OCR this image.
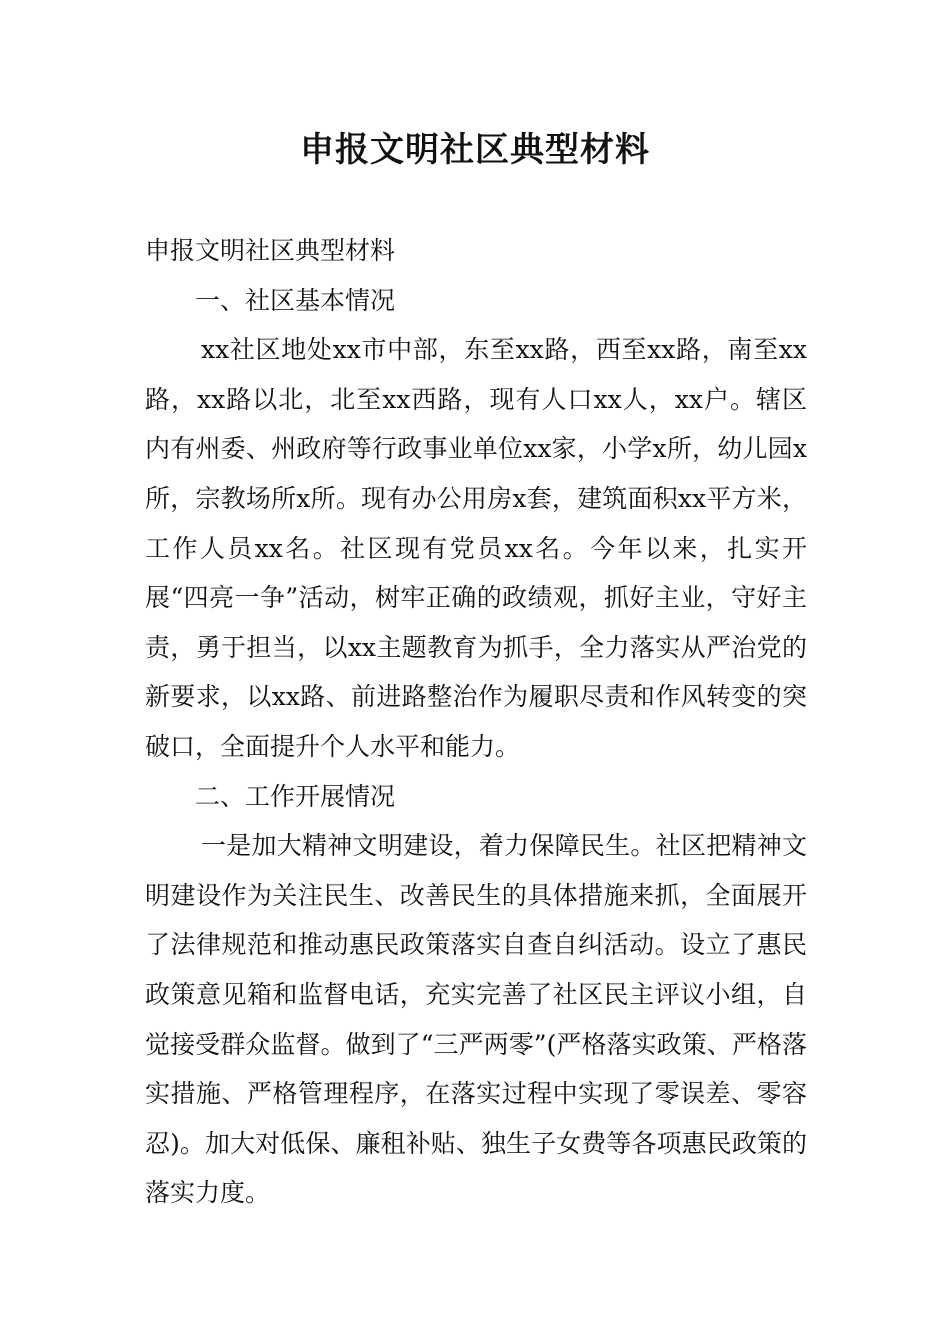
申报文明社区典型材料

申报文明社区典型材料

一、社区基本情况

xx社区地处xx市中部，东至xx路，西至xx路，南至xx路，xx路以北，北至xx西路，现有人口xx人，xx户。辖区内有州委、州政府等行政事业单位xx家，小学x所，幼儿园x所，宗教场所x所。现有办公用房x套，建筑面积xx平方米，工作人员xx名。社区现有党员xx名。今年以来，扎实开展“四亮一争”活动，树牢正确的政绩观，抓好主业，守好主责，勇于担当，以xx主题教育为抓手，全力落实从严治党的新要求，以xx路、前进路整治作为履职尽责和作风转变的突破口，全面提升个人水平和能力。

二、工作开展情况

一是加大精神文明建设，着力保障民生。社区把精神文明建设作为关注民生、改善民生的具体措施来抓，全面展开了法律规范和推动惠民政策落实自查自纠活动。设立了惠民政策意见箱和监督电话，充实完善了社区民主评议小组，自觉接受群众监督。做到了“三严两零”(严格落实政策、严格落实措施、严格管理程序，在落实过程中实现了零误差、零容忍)。加大对低保、廉租补贴、独生子女费等各项惠民政策的落实力度。
